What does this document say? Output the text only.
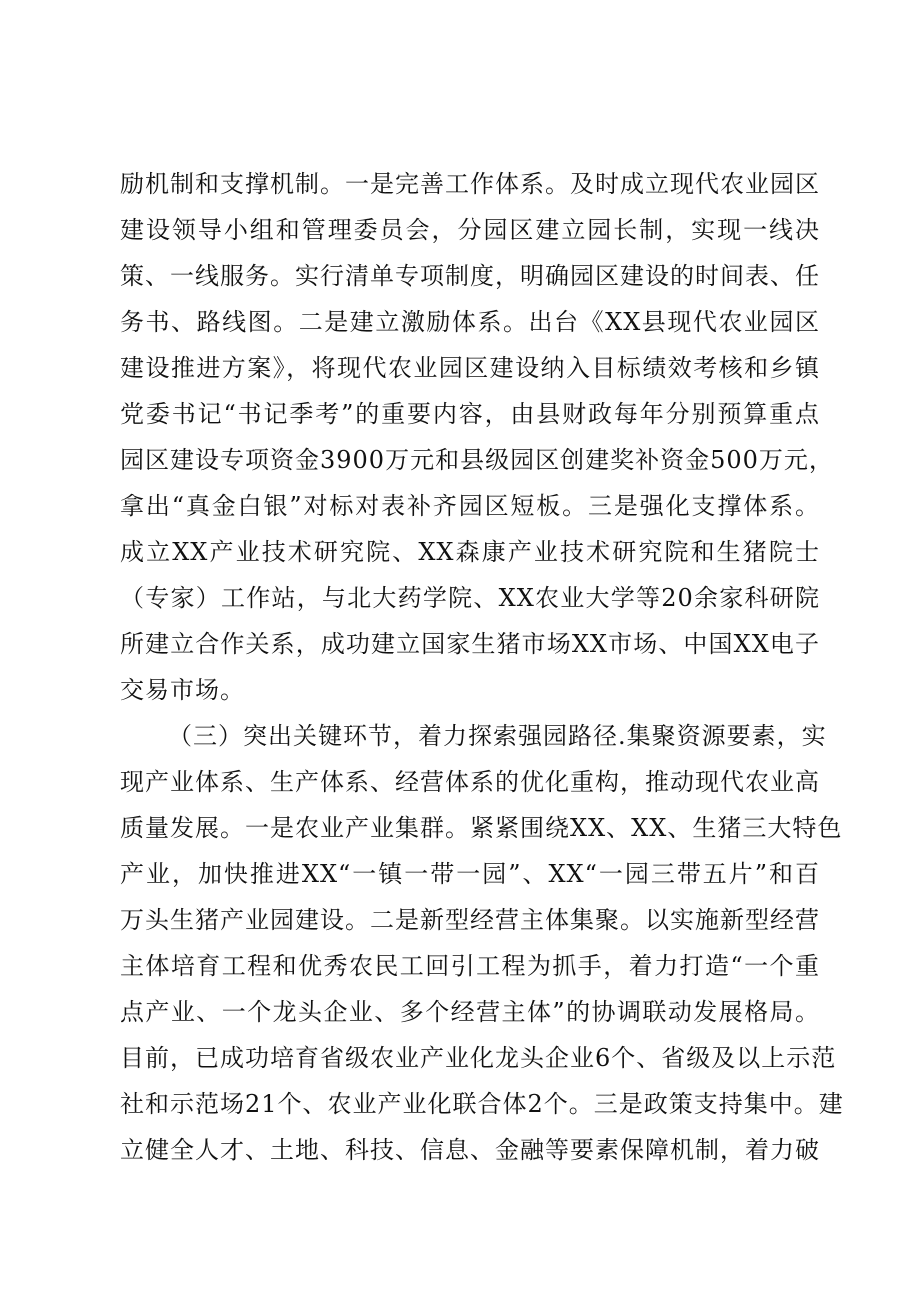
励机制和支撑机制。一是完善工作体系。及时成立现代农业园区
建设领导小组和管理委员会，分园区建立园长制，实现一线决
策、一线服务。实行清单专项制度，明确园区建设的时间表、任
务书、路线图。二是建立激励体系。出台《XX县现代农业园区
建设推进方案》，将现代农业园区建设纳入目标绩效考核和乡镇
党委书记“书记季考”的重要内容，由县财政每年分别预算重点
园区建设专项资金3900万元和县级园区创建奖补资金500万元，
拿出“真金白银”对标对表补齐园区短板。三是强化支撑体系。
成立XX产业技术研究院、XX森康产业技术研究院和生猪院士
（专家）工作站，与北大药学院、XX农业大学等20余家科研院
所建立合作关系，成功建立国家生猪市场XX市场、中国XX电子
交易市场。
（三）突出关键环节，着力探索强园路径.集聚资源要素，实
现产业体系、生产体系、经营体系的优化重构，推动现代农业高
质量发展。一是农业产业集群。紧紧围绕XX、XX、生猪三大特色
产业，加快推进XX“一镇一带一园”、XX“一园三带五片”和百
万头生猪产业园建设。二是新型经营主体集聚。以实施新型经营
主体培育工程和优秀农民工回引工程为抓手，着力打造“一个重
点产业、一个龙头企业、多个经营主体”的协调联动发展格局。
目前，已成功培育省级农业产业化龙头企业6个、省级及以上示范
社和示范场21个、农业产业化联合体2个。三是政策支持集中。建
立健全人才、土地、科技、信息、金融等要素保障机制，着力破
